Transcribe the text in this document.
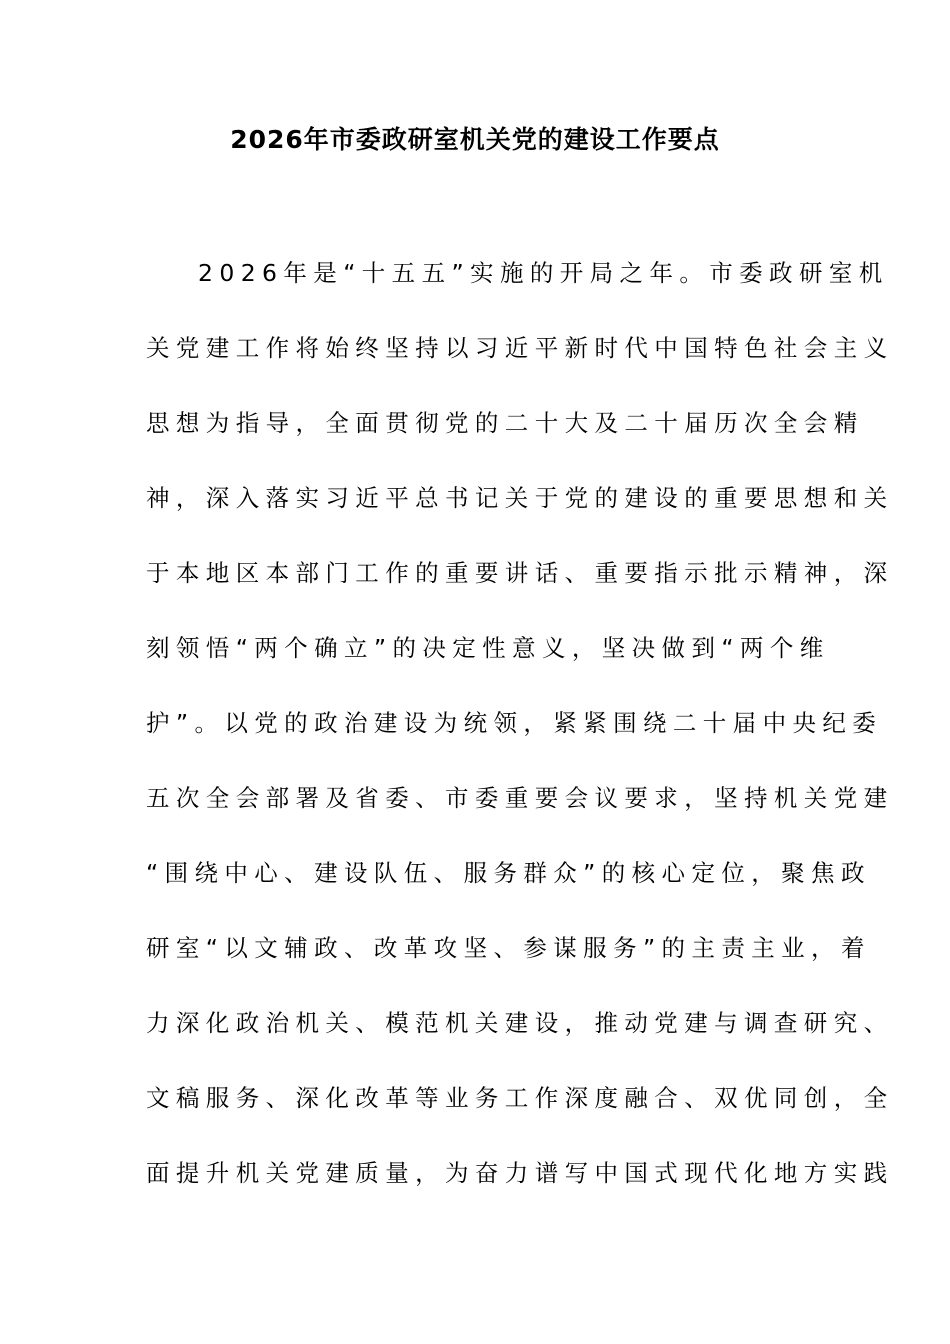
2026年市委政研室机关党的建设工作要点
2026年是“十五五”实施的开局之年。市委政研室机
关党建工作将始终坚持以习近平新时代中国特色社会主义
思想为指导，全面贯彻党的二十大及二十届历次全会精
神，深入落实习近平总书记关于党的建设的重要思想和关
于本地区本部门工作的重要讲话、重要指示批示精神，深
刻领悟“两个确立”的决定性意义，坚决做到“两个维
护”。以党的政治建设为统领，紧紧围绕二十届中央纪委
五次全会部署及省委、市委重要会议要求，坚持机关党建
“围绕中心、建设队伍、服务群众”的核心定位，聚焦政
研室“以文辅政、改革攻坚、参谋服务”的主责主业，着
力深化政治机关、模范机关建设，推动党建与调查研究、
文稿服务、深化改革等业务工作深度融合、双优同创，全
面提升机关党建质量，为奋力谱写中国式现代化地方实践
